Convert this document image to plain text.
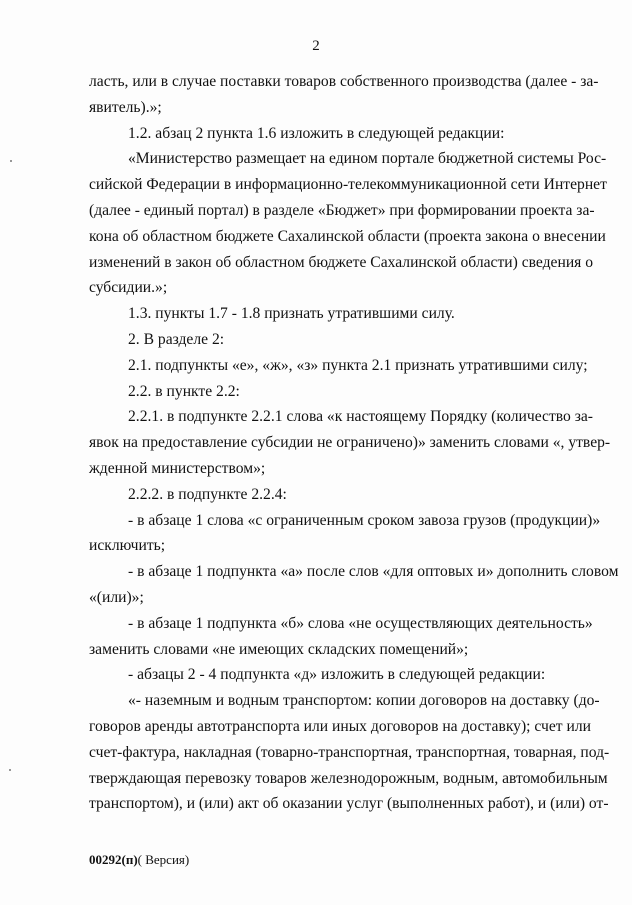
2
ласть, или в случае поставки товаров собственного производства (далее - за-
явитель).»;
1.2. абзац 2 пункта 1.6 изложить в следующей редакции:
«Министерство размещает на едином портале бюджетной системы Рос-
сийской Федерации в информационно-телекоммуникационной сети Интернет
(далее - единый портал) в разделе «Бюджет» при формировании проекта за-
кона об областном бюджете Сахалинской области (проекта закона о внесении
изменений в закон об областном бюджете Сахалинской области) сведения о
субсидии.»;
1.3. пункты 1.7 - 1.8 признать утратившими силу.
2. В разделе 2:
2.1. подпункты «е», «ж», «з» пункта 2.1 признать утратившими силу;
2.2. в пункте 2.2:
2.2.1. в подпункте 2.2.1 слова «к настоящему Порядку (количество за-
явок на предоставление субсидии не ограничено)» заменить словами «, утвер-
жденной министерством»;
2.2.2. в подпункте 2.2.4:
- в абзаце 1 слова «с ограниченным сроком завоза грузов (продукции)»
исключить;
- в абзаце 1 подпункта «а» после слов «для оптовых и» дополнить словом
«(или)»;
- в абзаце 1 подпункта «б» слова «не осуществляющих деятельность»
заменить словами «не имеющих складских помещений»;
- абзацы 2 - 4 подпункта «д» изложить в следующей редакции:
«- наземным и водным транспортом: копии договоров на доставку (до-
говоров аренды автотранспорта или иных договоров на доставку); счет или
счет-фактура, накладная (товарно-транспортная, транспортная, товарная, под-
тверждающая перевозку товаров железнодорожным, водным, автомобильным
транспортом), и (или) акт об оказании услуг (выполненных работ), и (или) от-
00292(п)( Версия)
